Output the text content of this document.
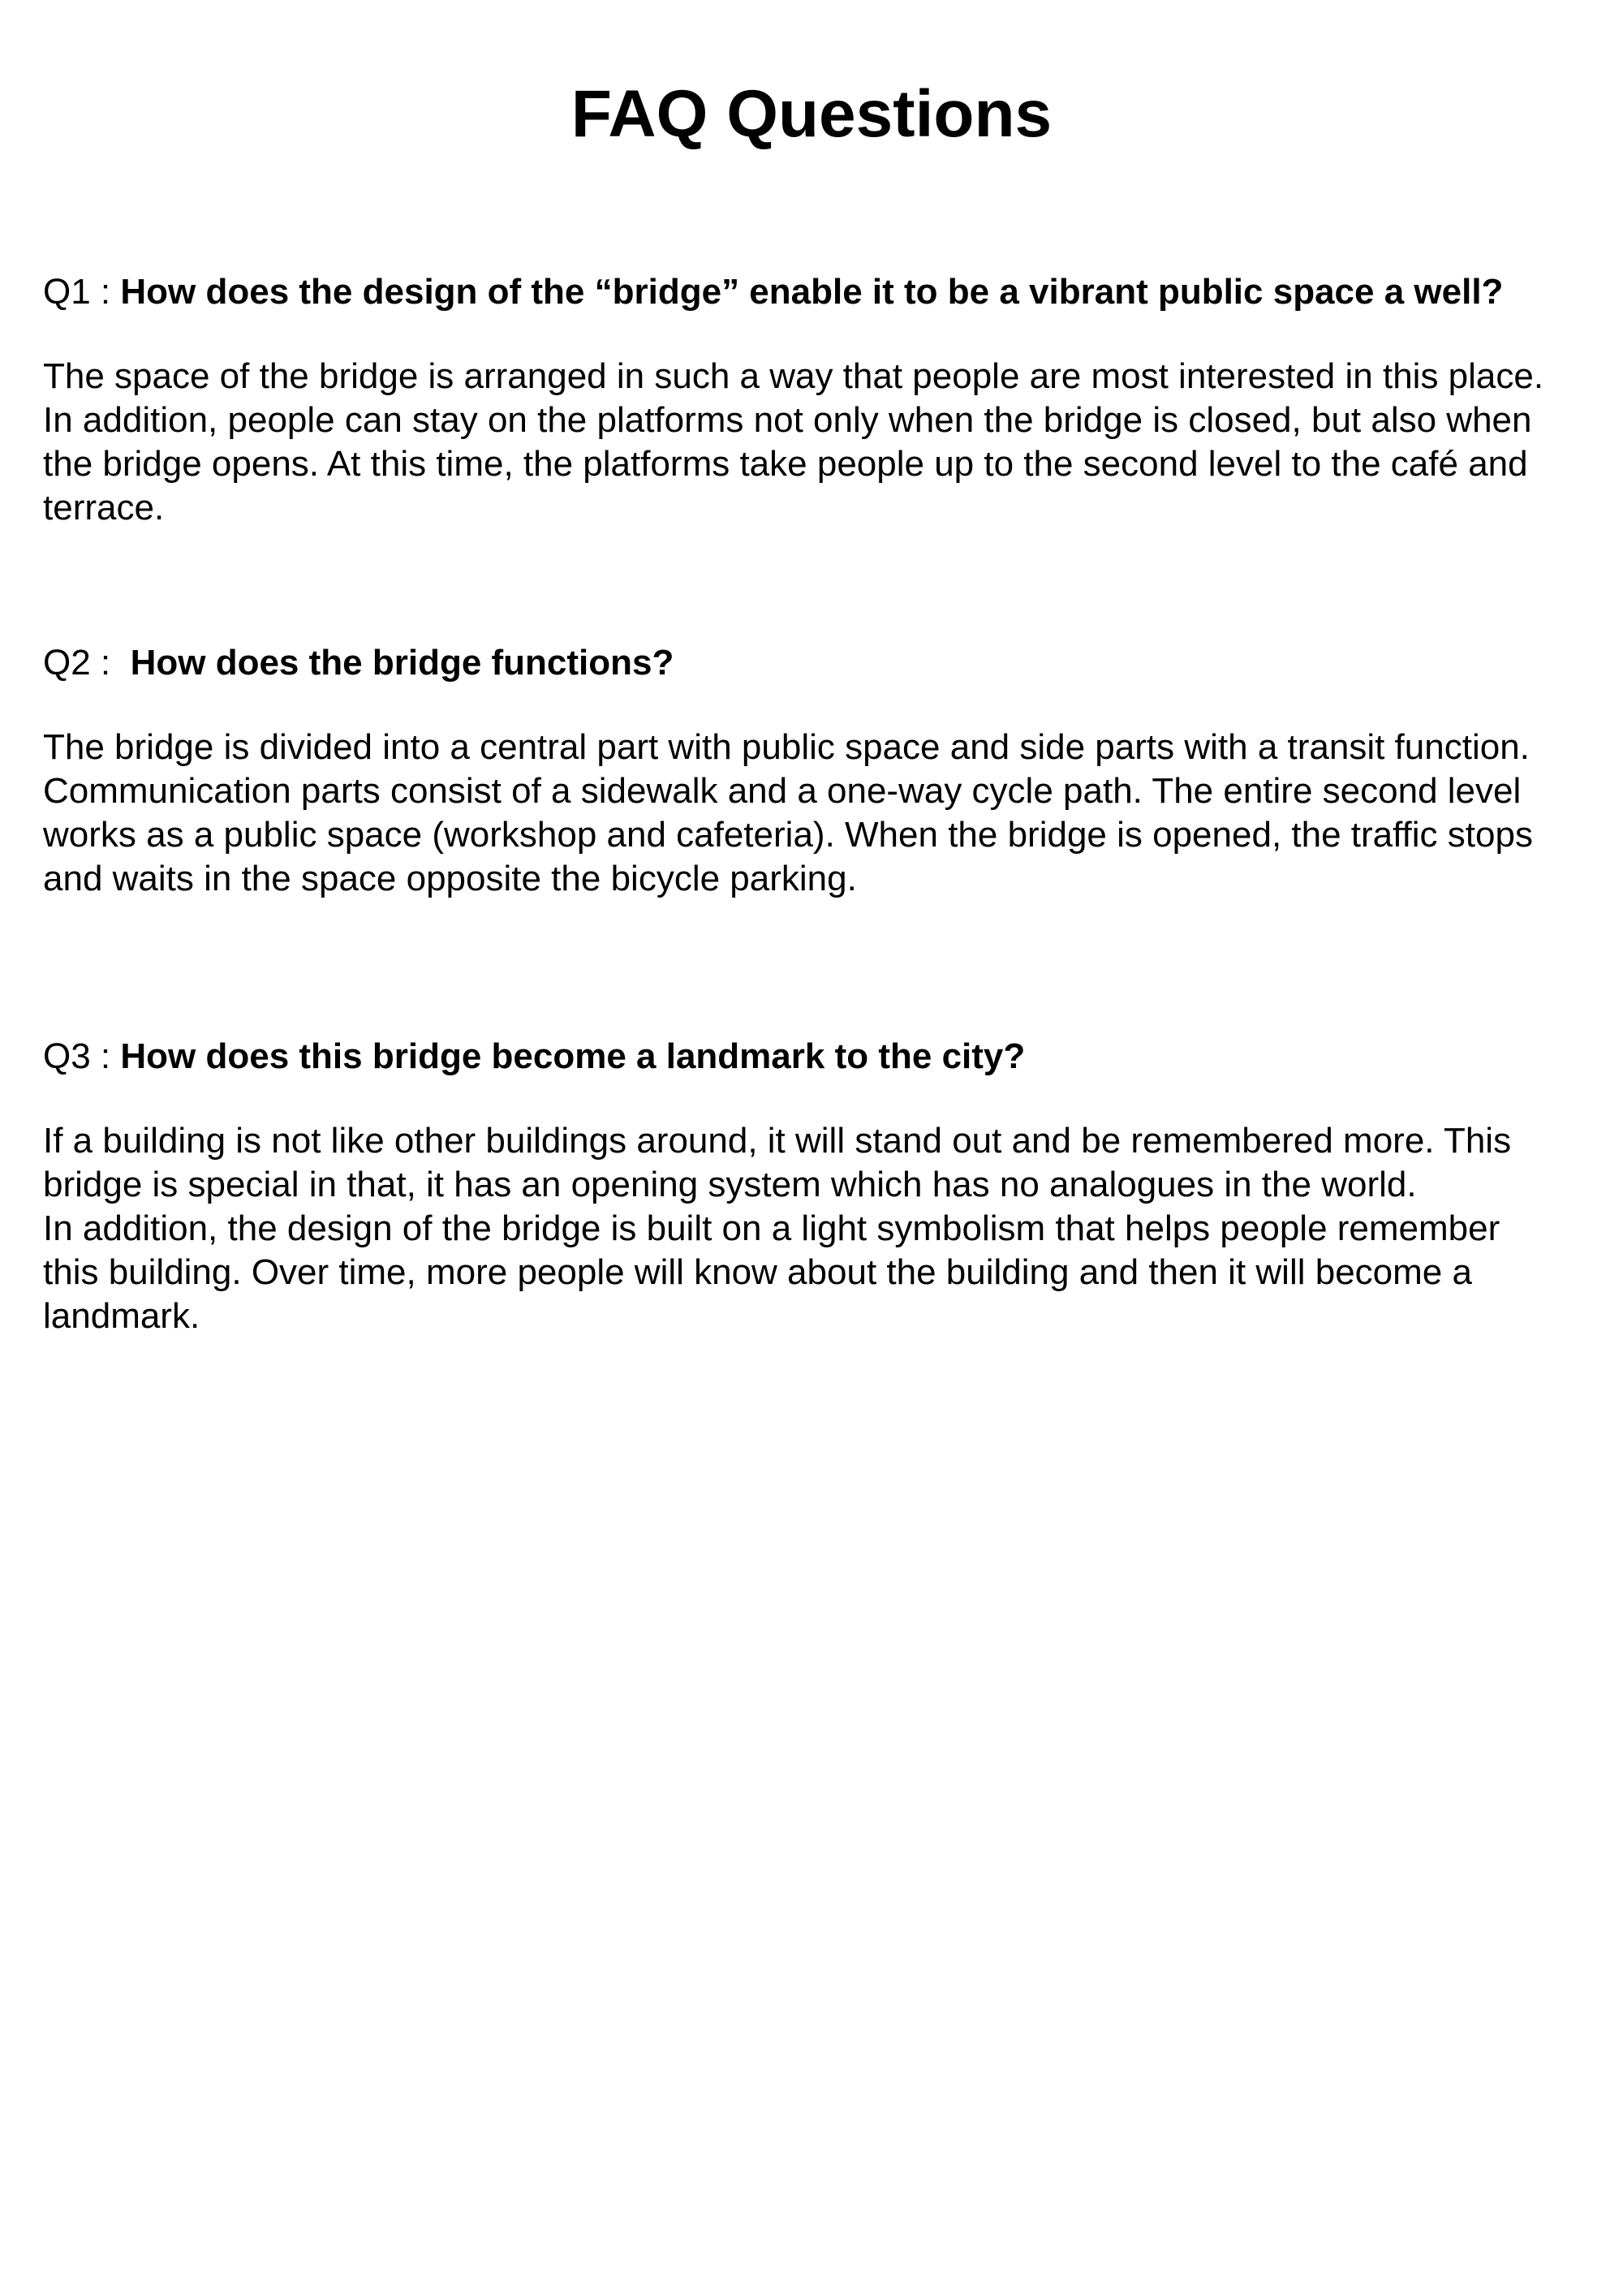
FAQ Questions

Q1 : How does the design of the “bridge” enable it to be a vibrant public space a well?

The space of the bridge is arranged in such a way that people are most interested in this place.
In addition, people can stay on the platforms not only when the bridge is closed, but also when
the bridge opens. At this time, the platforms take people up to the second level to the café and
terrace.

Q2 :  How does the bridge functions?

The bridge is divided into a central part with public space and side parts with a transit function.
Communication parts consist of a sidewalk and a one-way cycle path. The entire second level
works as a public space (workshop and cafeteria). When the bridge is opened, the traffic stops
and waits in the space opposite the bicycle parking.

Q3 : How does this bridge become a landmark to the city?

If a building is not like other buildings around, it will stand out and be remembered more. This
bridge is special in that, it has an opening system which has no analogues in the world.
In addition, the design of the bridge is built on a light symbolism that helps people remember
this building. Over time, more people will know about the building and then it will become a
landmark.
